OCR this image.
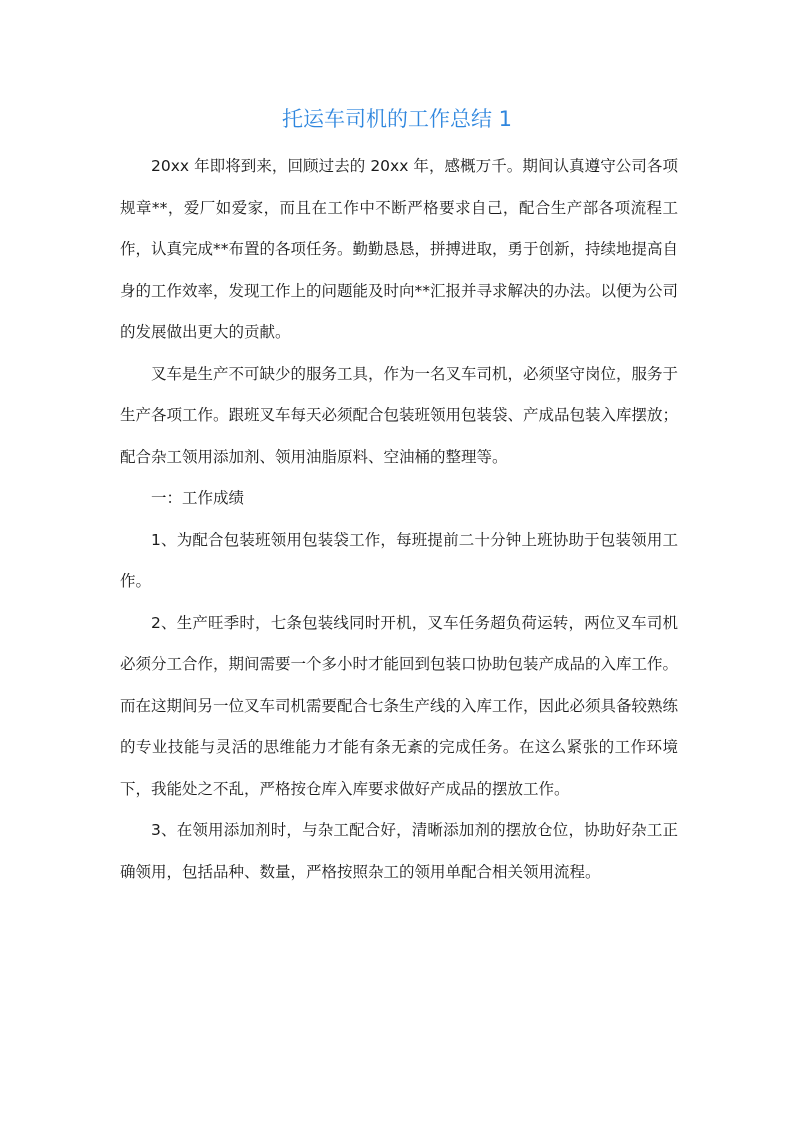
托运车司机的工作总结 1

20xx 年即将到来，回顾过去的 20xx 年，感概万千。期间认真遵守公司各项规章**，爱厂如爱家，而且在工作中不断严格要求自己，配合生产部各项流程工作，认真完成**布置的各项任务。勤勤恳恳，拼搏进取，勇于创新，持续地提高自身的工作效率，发现工作上的问题能及时向**汇报并寻求解决的办法。以便为公司的发展做出更大的贡献。

叉车是生产不可缺少的服务工具，作为一名叉车司机，必须坚守岗位，服务于生产各项工作。跟班叉车每天必须配合包装班领用包装袋、产成品包装入库摆放；配合杂工领用添加剂、领用油脂原料、空油桶的整理等。

一：工作成绩

1、为配合包装班领用包装袋工作，每班提前二十分钟上班协助于包装领用工作。

2、生产旺季时，七条包装线同时开机，叉车任务超负荷运转，两位叉车司机必须分工合作，期间需要一个多小时才能回到包装口协助包装产成品的入库工作。而在这期间另一位叉车司机需要配合七条生产线的入库工作，因此必须具备较熟练的专业技能与灵活的思维能力才能有条无紊的完成任务。在这么紧张的工作环境下，我能处之不乱，严格按仓库入库要求做好产成品的摆放工作。

3、在领用添加剂时，与杂工配合好，清晰添加剂的摆放仓位，协助好杂工正确领用，包括品种、数量，严格按照杂工的领用单配合相关领用流程。
